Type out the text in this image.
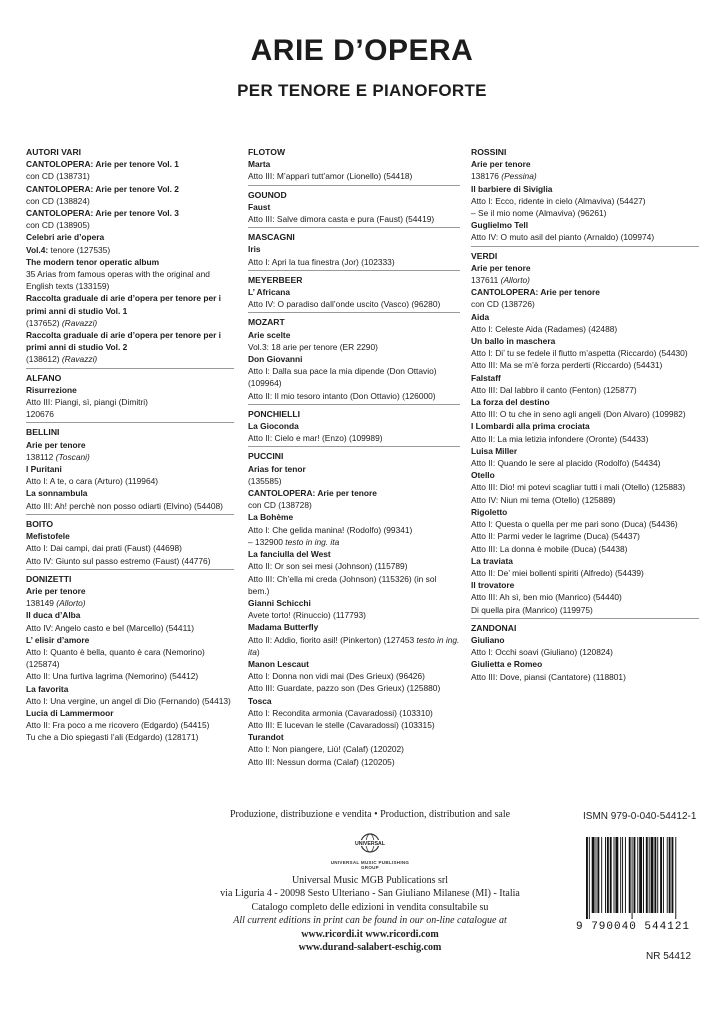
ARIE D’OPERA
PER TENORE E PIANOFORTE
AUTORI VARI
CANTOLOPERA: Arie per tenore Vol. 1
con CD (138731)
CANTOLOPERA: Arie per tenore Vol. 2
con CD (138824)
CANTOLOPERA: Arie per tenore Vol. 3
con CD (138905)
Celebri arie d’opera
Vol.4: tenore (127535)
The modern tenor operatic album
35 Arias from famous operas with the original and English texts (133159)
Raccolta graduale di arie d’opera per tenore per i primi anni di studio Vol. 1
(137652) (Ravazzi)
Raccolta graduale di arie d’opera per tenore per i primi anni di studio Vol. 2
(138612) (Ravazzi)
ALFANO
Risurrezione
Atto III: Piangi, sì, piangi (Dimitri)
120676
BELLINI
Arie per tenore
138112 (Toscani)
I Puritani
Atto I: A te, o cara (Arturo) (119964)
La sonnambula
Atto III: Ah! perchè non posso odiarti (Elvino) (54408)
BOITO
Mefistofele
Atto I: Dai campi, dai prati (Faust) (44698)
Atto IV: Giunto sul passo estremo (Faust) (44776)
DONIZETTI
Arie per tenore
138149 (Allorto)
Il duca d’Alba
Atto IV: Angelo casto e bel (Marcello) (54411)
L’ elisir d’amore
Atto I: Quanto è bella, quanto è cara (Nemorino) (125874)
Atto II: Una furtiva lagrima (Nemorino) (54412)
La favorita
Atto I: Una vergine, un angel di Dio (Fernando) (54413)
Lucia di Lammermoor
Atto II: Fra poco a me ricovero (Edgardo) (54415)
Tu che a Dio spiegasti l’ali (Edgardo) (128171)
FLOTOW
Marta
Atto III: M’apparì tutt’amor (Lionello) (54418)
GOUNOD
Faust
Atto III: Salve dimora casta e pura (Faust) (54419)
MASCAGNI
Iris
Atto I: Apri la tua finestra (Jor) (102333)
MEYERBEER
L’ Africana
Atto IV: O paradiso dall’onde uscito (Vasco) (96280)
MOZART
Arie scelte
Vol.3: 18 arie per tenore (ER 2290)
Don Giovanni
Atto I: Dalla sua pace la mia dipende (Don Ottavio) (109964)
Atto II: Il mio tesoro intanto (Don Ottavio) (126000)
PONCHIELLI
La Gioconda
Atto II: Cielo e mar! (Enzo) (109989)
PUCCINI
Arias for tenor
(135585)
CANTOLOPERA: Arie per tenore
con CD (138728)
La Bohème
Atto I: Che gelida manina! (Rodolfo) (99341)
– 132900 testo in ing. ita
La fanciulla del West
Atto II: Or son sei mesi (Johnson) (115789)
Atto III: Ch’ella mi creda (Johnson) (115326) (in sol bem.)
Gianni Schicchi
Avete torto! (Rinuccio) (117793)
Madama Butterfly
Atto II: Addio, fiorito asil! (Pinkerton) (127453 testo in ing. ita)
Manon Lescaut
Atto I: Donna non vidi mai (Des Grieux) (96426)
Atto III: Guardate, pazzo son (Des Grieux) (125880)
Tosca
Atto I: Recondita armonia (Cavaradossi) (103310)
Atto III: E lucevan le stelle (Cavaradossi) (103315)
Turandot
Atto I: Non piangere, Liù! (Calaf) (120202)
Atto III: Nessun dorma (Calaf) (120205)
ROSSINI
Arie per tenore
138176 (Pessina)
Il barbiere di Siviglia
Atto I: Ecco, ridente in cielo (Almaviva) (54427)
– Se il mio nome (Almaviva) (96261)
Guglielmo Tell
Atto IV: O muto asil del pianto (Arnaldo) (109974)
VERDI
Arie per tenore
137611 (Allorto)
CANTOLOPERA: Arie per tenore
con CD (138726)
Aida
Atto I: Celeste Aida (Radames) (42488)
Un ballo in maschera
Atto I: Di’ tu se fedele il flutto m’aspetta (Riccardo) (54430)
Atto III: Ma se m’è forza perderti (Riccardo) (54431)
Falstaff
Atto III: Dal labbro il canto (Fenton) (125877)
La forza del destino
Atto III: O tu che in seno agli angeli (Don Alvaro) (109982)
I Lombardi alla prima crociata
Atto II: La mia letizia infondere (Oronte) (54433)
Luisa Miller
Atto II: Quando le sere al placido (Rodolfo) (54434)
Otello
Atto III: Dio! mi potevi scagliar tutti i mali (Otello) (125883)
Atto IV: Niun mi tema (Otello) (125889)
Rigoletto
Atto I: Questa o quella per me pari sono (Duca) (54436)
Atto II: Parmi veder le lagrime (Duca) (54437)
Atto III: La donna è mobile (Duca) (54438)
La traviata
Atto II: De’ miei bollenti spiriti (Alfredo) (54439)
Il trovatore
Atto III: Ah sì, ben mio (Manrico) (54440)
Di quella pira (Manrico) (119975)
ZANDONAI
Giuliano
Atto I: Occhi soavi (Giuliano) (120824)
Giulietta e Romeo
Atto III: Dove, piansi (Cantatore) (118801)
Produzione, distribuzione e vendita • Production, distribution and sale
Universal Music MGB Publications srl
via Liguria 4 - 20098 Sesto Ulteriano - San Giuliano Milanese (MI) - Italia
Catalogo completo delle edizioni in vendita consultabile su
All current editions in print can be found in our on-line catalogue at
www.ricordi.it www.ricordi.com
www.durand-salabert-eschig.com
UNIVERSAL
UNIVERSAL MUSIC PUBLISHING GROUP
ISMN 979-0-040-54412-1
9 790040 544121
NR 54412
